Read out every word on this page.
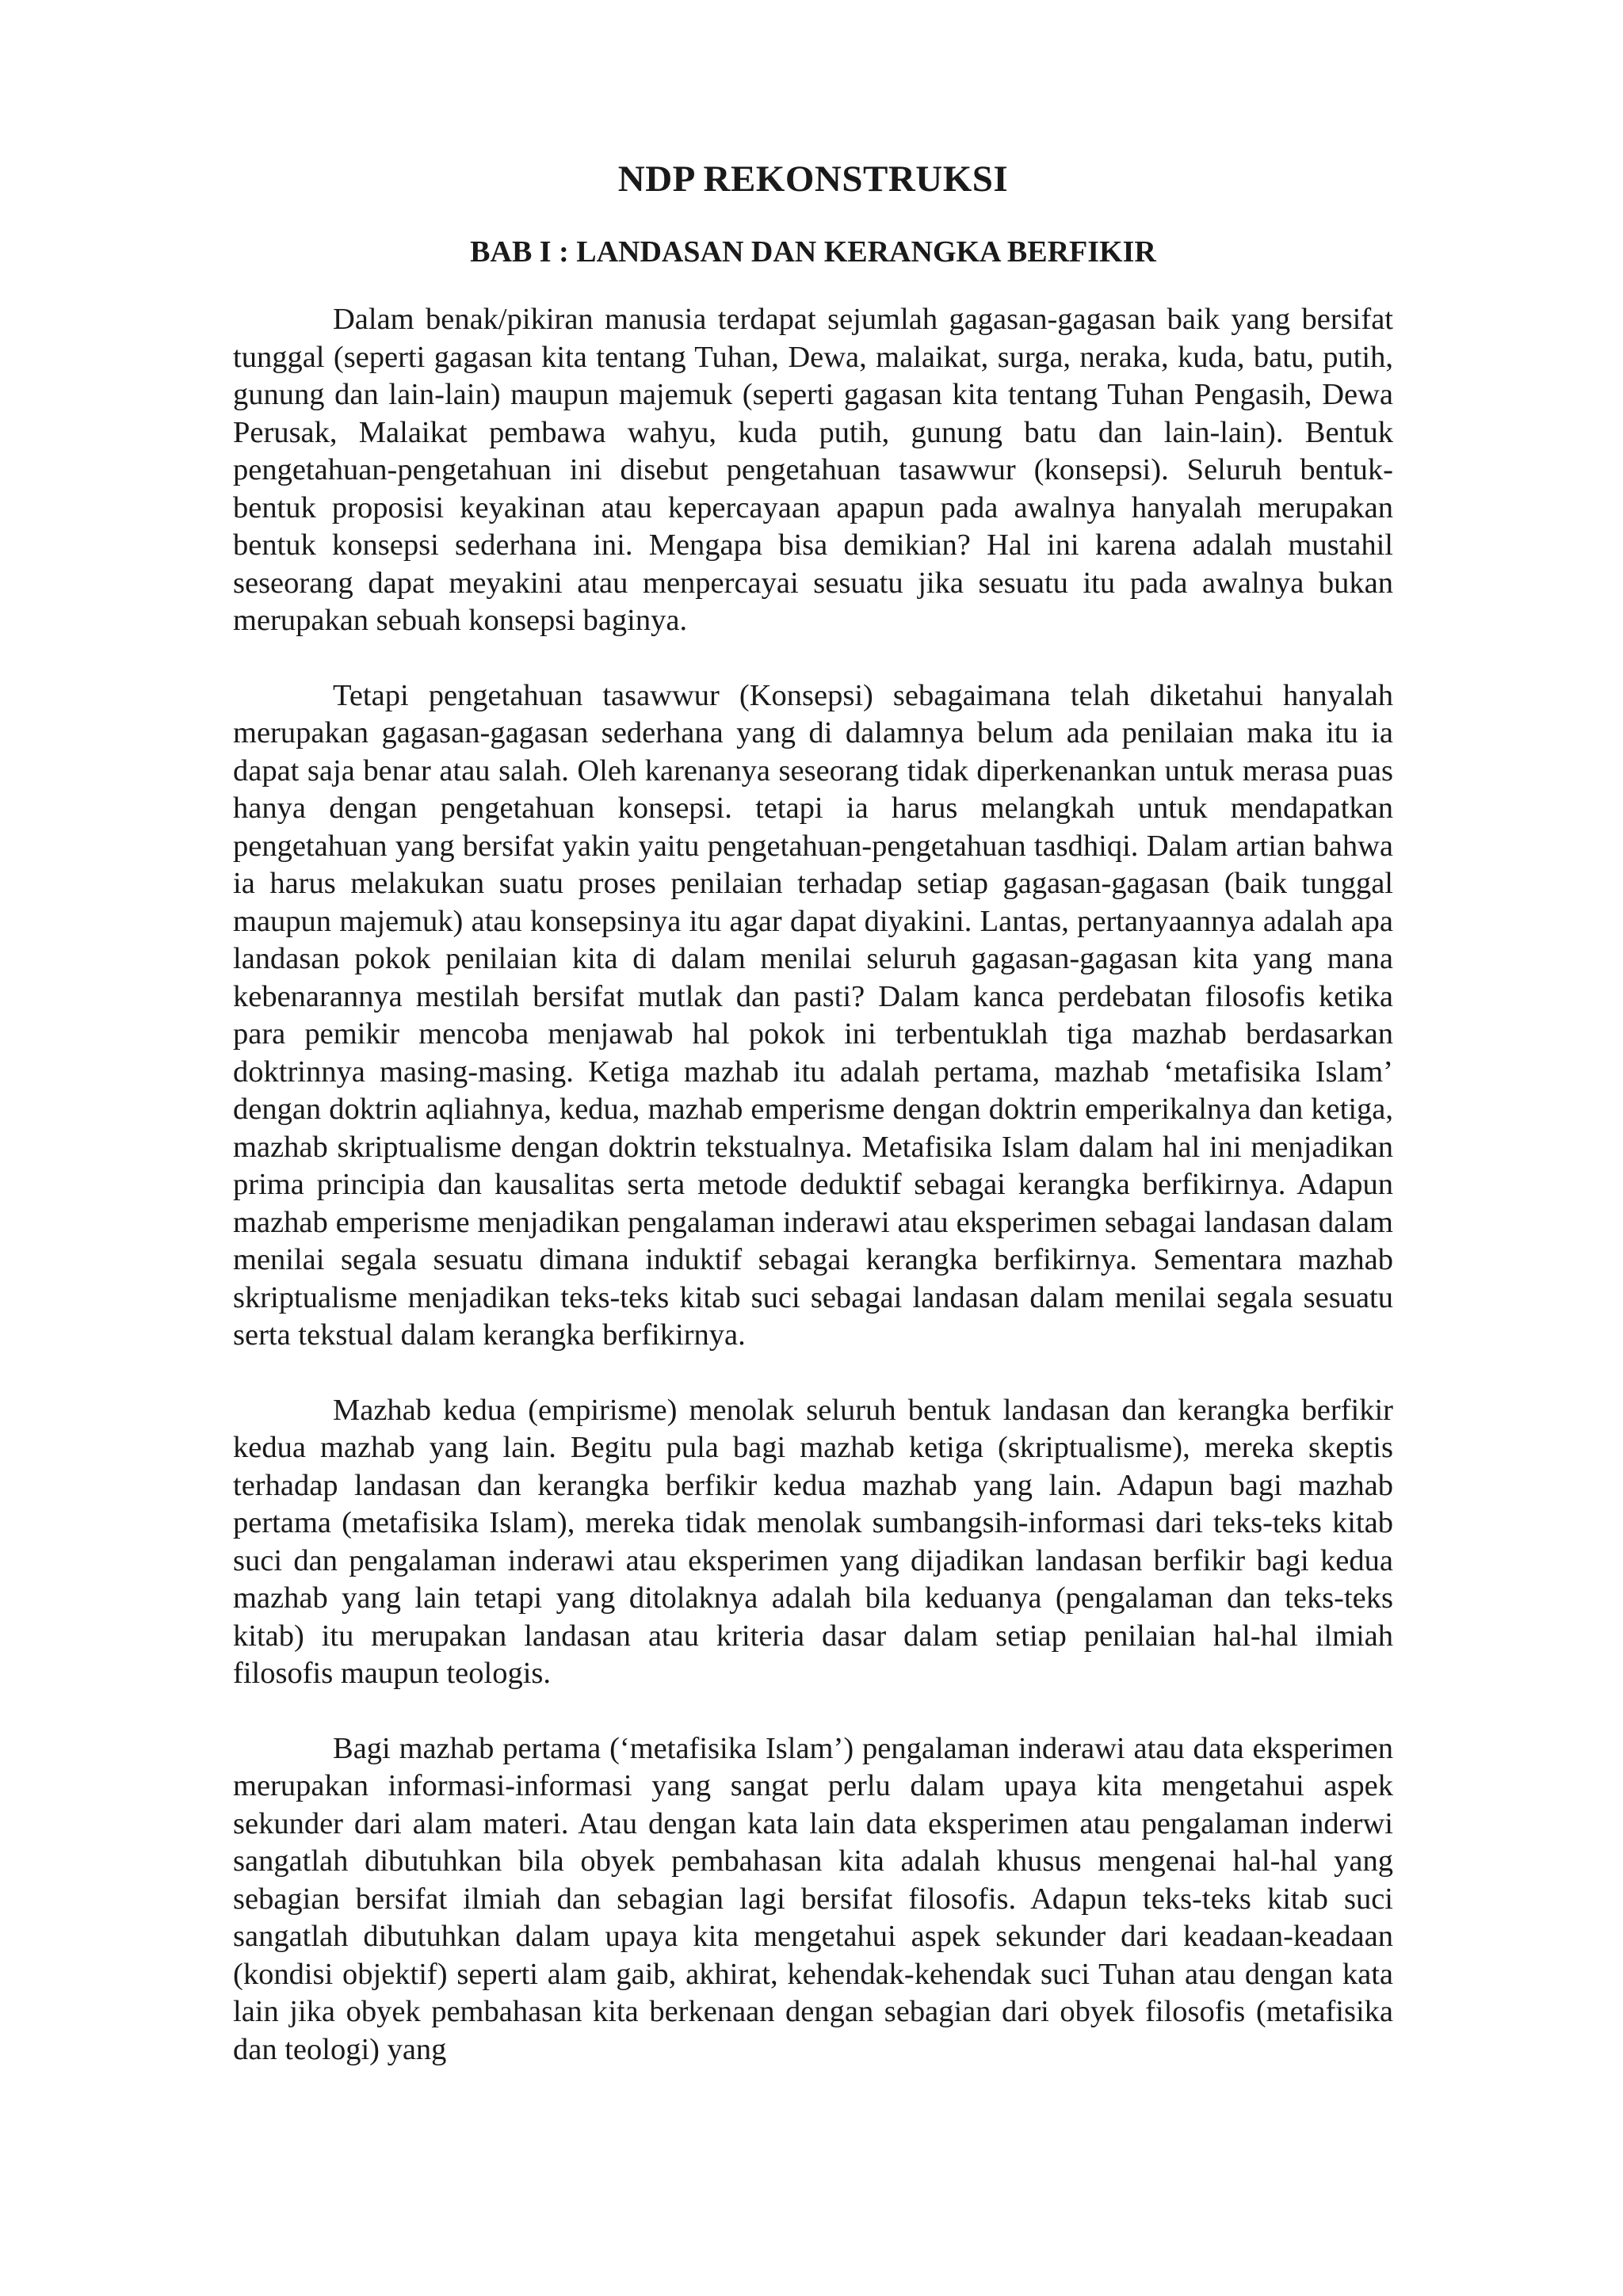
NDP REKONSTRUKSI
BAB I : LANDASAN DAN KERANGKA BERFIKIR

Dalam benak/pikiran manusia terdapat sejumlah gagasan-gagasan baik yang bersifat tunggal (seperti gagasan kita tentang Tuhan, Dewa, malaikat, surga, neraka, kuda, batu, putih, gunung dan lain-lain) maupun majemuk (seperti gagasan kita tentang Tuhan Pengasih, Dewa Perusak, Malaikat pembawa wahyu, kuda putih, gunung batu dan lain-lain). Bentuk pengetahuan-pengetahuan ini disebut pengetahuan tasawwur (konsepsi). Seluruh bentuk-bentuk proposisi keyakinan atau kepercayaan apapun pada awalnya hanyalah merupakan bentuk konsepsi sederhana ini. Mengapa bisa demikian? Hal ini karena adalah mustahil seseorang dapat meyakini atau menpercayai sesuatu jika sesuatu itu pada awalnya bukan merupakan sebuah konsepsi baginya.

Tetapi pengetahuan tasawwur (Konsepsi) sebagaimana telah diketahui hanyalah merupakan gagasan-gagasan sederhana yang di dalamnya belum ada penilaian maka itu ia dapat saja benar atau salah. Oleh karenanya seseorang tidak diperkenankan untuk merasa puas hanya dengan pengetahuan konsepsi. tetapi ia harus melangkah untuk mendapatkan pengetahuan yang bersifat yakin yaitu pengetahuan-pengetahuan tasdhiqi. Dalam artian bahwa ia harus melakukan suatu proses penilaian terhadap setiap gagasan-gagasan (baik tunggal maupun majemuk) atau konsepsinya itu agar dapat diyakini. Lantas, pertanyaannya adalah apa landasan pokok penilaian kita di dalam menilai seluruh gagasan-gagasan kita yang mana kebenarannya mestilah bersifat mutlak dan pasti? Dalam kanca perdebatan filosofis ketika para pemikir mencoba menjawab hal pokok ini terbentuklah tiga mazhab berdasarkan doktrinnya masing-masing. Ketiga mazhab itu adalah pertama, mazhab ‘metafisika Islam’ dengan doktrin aqliahnya, kedua, mazhab emperisme dengan doktrin emperikalnya dan ketiga, mazhab skriptualisme dengan doktrin tekstualnya. Metafisika Islam dalam hal ini menjadikan prima principia dan kausalitas serta metode deduktif sebagai kerangka berfikirnya. Adapun mazhab emperisme menjadikan pengalaman inderawi atau eksperimen sebagai landasan dalam menilai segala sesuatu dimana induktif sebagai kerangka berfikirnya. Sementara mazhab skriptualisme menjadikan teks-teks kitab suci sebagai landasan dalam menilai segala sesuatu serta tekstual dalam kerangka berfikirnya.

Mazhab kedua (empirisme) menolak seluruh bentuk landasan dan kerangka berfikir kedua mazhab yang lain. Begitu pula bagi mazhab ketiga (skriptualisme), mereka skeptis terhadap landasan dan kerangka berfikir kedua mazhab yang lain. Adapun bagi mazhab pertama (metafisika Islam), mereka tidak menolak sumbangsih-informasi dari teks-teks kitab suci dan pengalaman inderawi atau eksperimen yang dijadikan landasan berfikir bagi kedua mazhab yang lain tetapi yang ditolaknya adalah bila keduanya (pengalaman dan teks-teks kitab) itu merupakan landasan atau kriteria dasar dalam setiap penilaian hal-hal ilmiah filosofis maupun teologis.

Bagi mazhab pertama (‘metafisika Islam’) pengalaman inderawi atau data eksperimen merupakan informasi-informasi yang sangat perlu dalam upaya kita mengetahui aspek sekunder dari alam materi. Atau dengan kata lain data eksperimen atau pengalaman inderwi sangatlah dibutuhkan bila obyek pembahasan kita adalah khusus mengenai hal-hal yang sebagian bersifat ilmiah dan sebagian lagi bersifat filosofis. Adapun teks-teks kitab suci sangatlah dibutuhkan dalam upaya kita mengetahui aspek sekunder dari keadaan-keadaan (kondisi objektif) seperti alam gaib, akhirat, kehendak-kehendak suci Tuhan atau dengan kata lain jika obyek pembahasan kita berkenaan dengan sebagian dari obyek filosofis (metafisika dan teologi) yang
